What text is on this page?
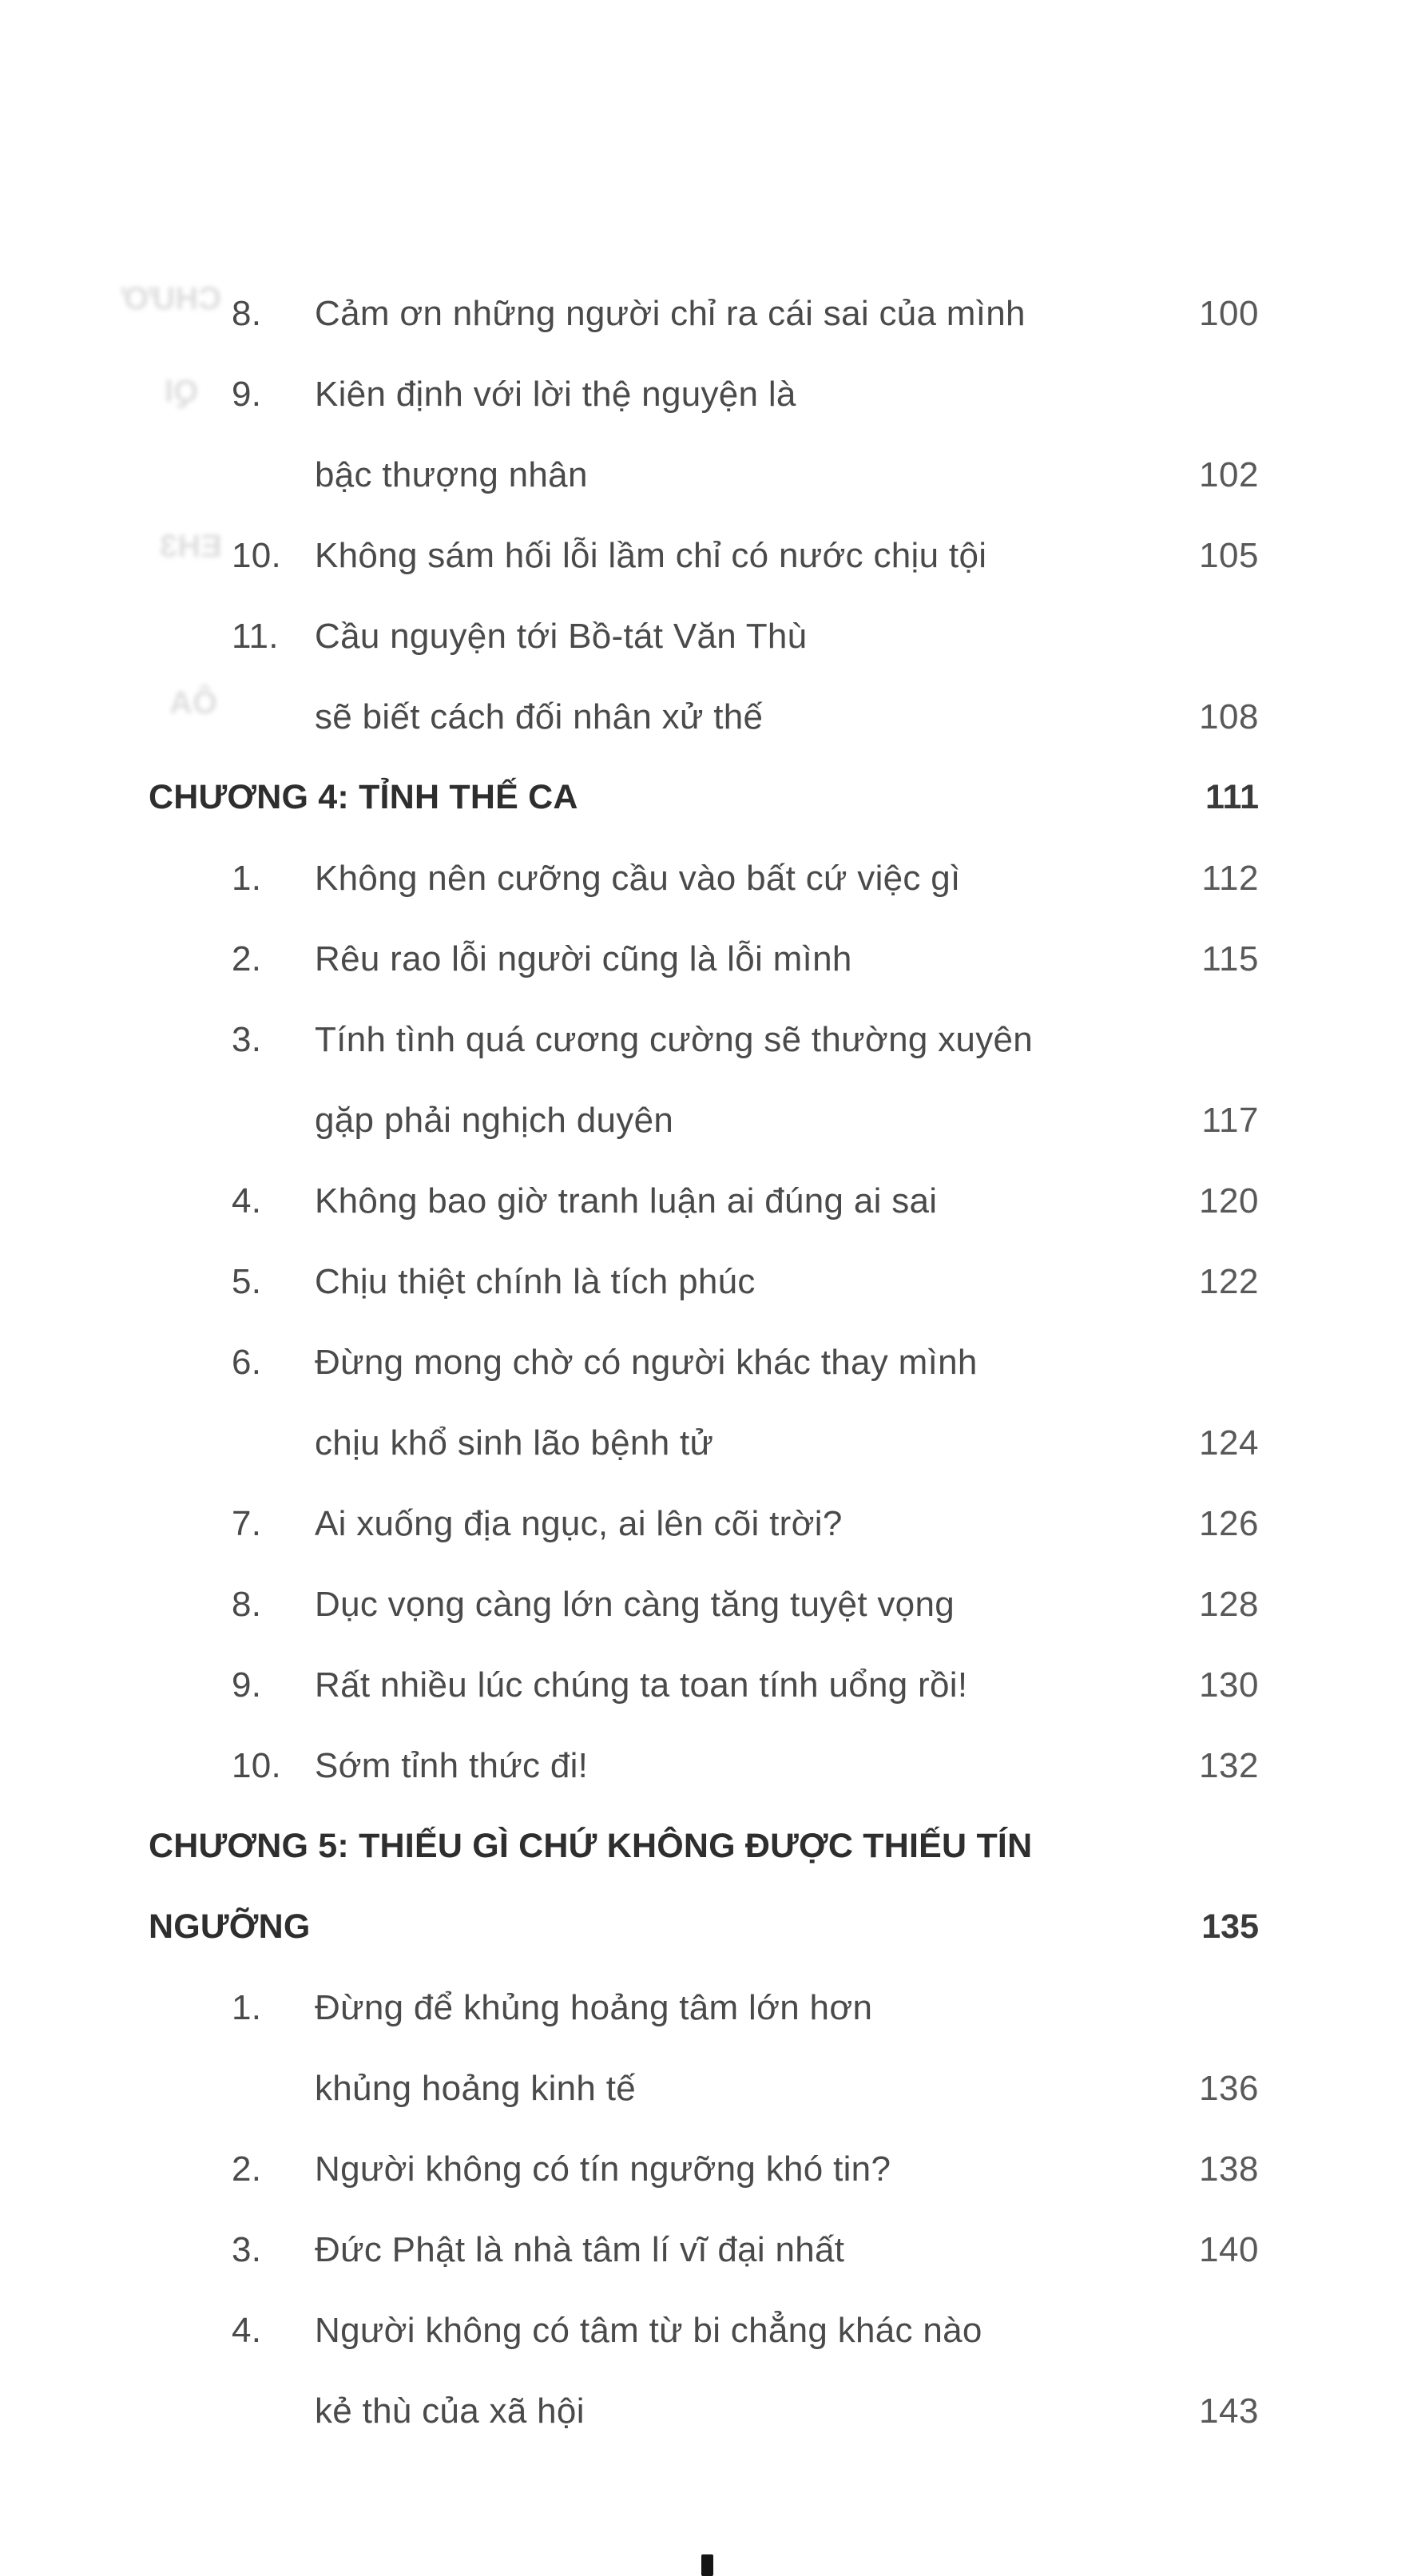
CHƯƠ
QI
EH3
ÔA
8.	Cảm ơn những người chỉ ra cái sai của mình	100
9.	Kiên định với lời thệ nguyện là
bậc thượng nhân	102
10. Không sám hối lỗi lầm chỉ có nước chịu tội	105
11.	Cầu nguyện tới Bồ-tát Văn Thù
sẽ biết cách đối nhân xử thế	108
CHƯƠNG 4: TỈNH THẾ CA	111
1.	Không nên cưỡng cầu vào bất cứ việc gì	112
2.	Rêu rao lỗi người cũng là lỗi mình	115
3.	Tính tình quá cương cường sẽ thường xuyên
gặp phải nghịch duyên	117
4.	Không bao giờ tranh luận ai đúng ai sai	120
5.	Chịu thiệt chính là tích phúc	122
6.	Đừng mong chờ có người khác thay mình
chịu khổ sinh lão bệnh tử	124
7.	Ai xuống địa ngục, ai lên cõi trời?	126
8.	Dục vọng càng lớn càng tăng tuyệt vọng	128
9.	Rất nhiều lúc chúng ta toan tính uổng rồi!	130
10. Sớm tỉnh thức đi!	132
CHƯƠNG 5: THIẾU GÌ CHỨ KHÔNG ĐƯỢC THIẾU TÍN NGƯỠNG	135
1.	Đừng để khủng hoảng tâm lớn hơn
khủng hoảng kinh tế	136
2.	Người không có tín ngưỡng khó tin?	138
3.	Đức Phật là nhà tâm lí vĩ đại nhất	140
4.	Người không có tâm từ bi chẳng khác nào
kẻ thù của xã hội	143
